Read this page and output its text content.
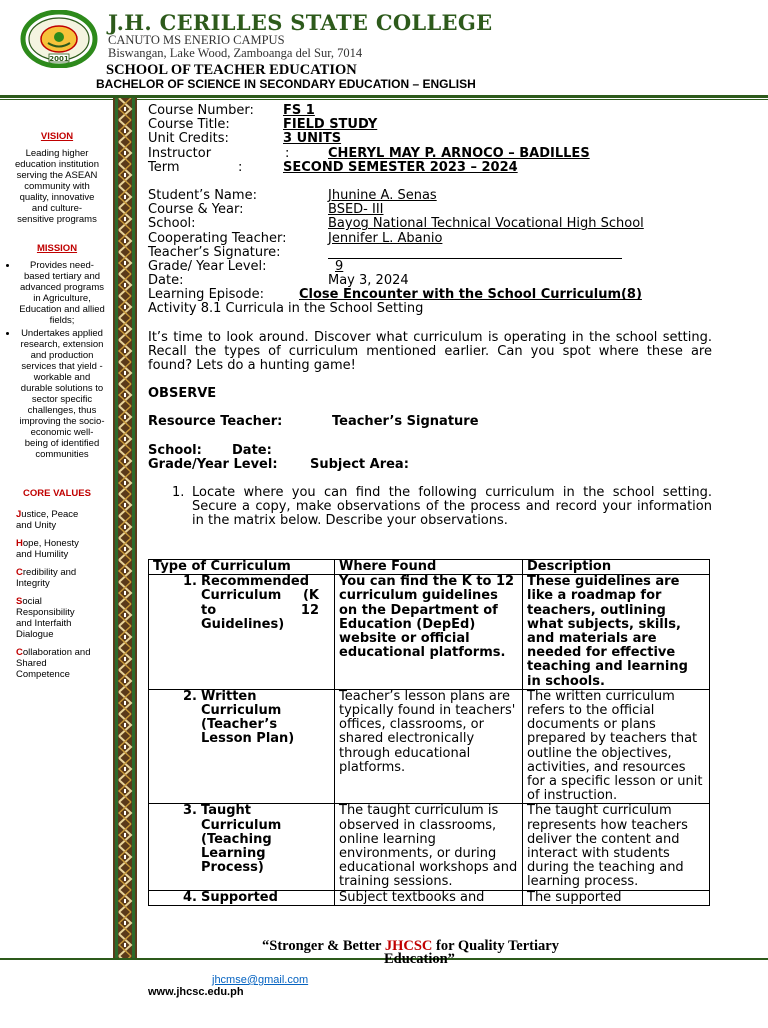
2001
J.H. CERILLES STATE COLLEGE
CANUTO MS ENERIO CAMPUS
Biswangan, Lake Wood, Zamboanga del Sur, 7014
SCHOOL OF TEACHER EDUCATION
BACHELOR OF SCIENCE IN SECONDARY EDUCATION – ENGLISH
VISION
Leading higher education institution serving the ASEAN community with quality, innovative and culture-sensitive programs
MISSION
• Provides need-based tertiary and advanced programs in Agriculture, Education and allied fields;
• Undertakes applied research, extension and production services that yield - workable and durable solutions to sector specific challenges, thus improving the socio-economic well- being of identified communities
CORE VALUES
Justice, Peace and Unity
Hope, Honesty and Humility
Credibility and Integrity
Social Responsibility and Interfaith Dialogue
Collaboration and Shared Competence
Course Number: FS 1
Course Title:	FIELD STUDY
Unit Credits:	3 UNITS
Instructor	:	CHERYL MAY P. ARNOCO – BADILLES
Term	:	SECOND SEMESTER 2023 – 2024
Student’s Name:	Jhunine A. Senas
Course & Year:	BSED- III
School:	Bayog National Technical Vocational High School
Cooperating Teacher:	Jennifer L. Abanio
Teacher’s Signature:
Grade/ Year Level:	9
Date:	May 3, 2024
Learning Episode:	Close Encounter with the School Curriculum(8)
Activity 8.1 Curricula in the School Setting

It’s time to look around. Discover what curriculum is operating in the school setting. Recall the types of curriculum mentioned earlier. Can you spot where these are found? Lets do a hunting game!

OBSERVE
Resource Teacher:	Teacher’s Signature
School: Date:
Grade/Year Level: Subject Area:
1. Locate where you can find the following curriculum in the school setting. Secure a copy, make observations of the process and record your information in the matrix below. Describe your observations.

Type of Curriculum	Where Found	Description
1. Recommended Curriculum (K to 12 Guidelines)	You can find the K to 12 curriculum guidelines on the Department of Education (DepEd) website or official educational platforms.	These guidelines are like a roadmap for teachers, outlining what subjects, skills, and materials are needed for effective teaching and learning in schools.
2. Written Curriculum (Teacher’s Lesson Plan)	Teacher’s lesson plans are typically found in teachers' offices, classrooms, or shared electronically through educational platforms.	The written curriculum refers to the official documents or plans prepared by teachers that outline the objectives, activities, and resources for a specific lesson or unit of instruction.
3. Taught Curriculum (Teaching Learning Process)	The taught curriculum is observed in classrooms, online learning environments, or during educational workshops and training sessions.	The taught curriculum represents how teachers deliver the content and interact with students during the teaching and learning process.
4. Supported	Subject textbooks and	The supported
“Stronger & Better JHCSC for Quality Tertiary
Education”
jhcmse@gmail.com
www.jhcsc.edu.ph
